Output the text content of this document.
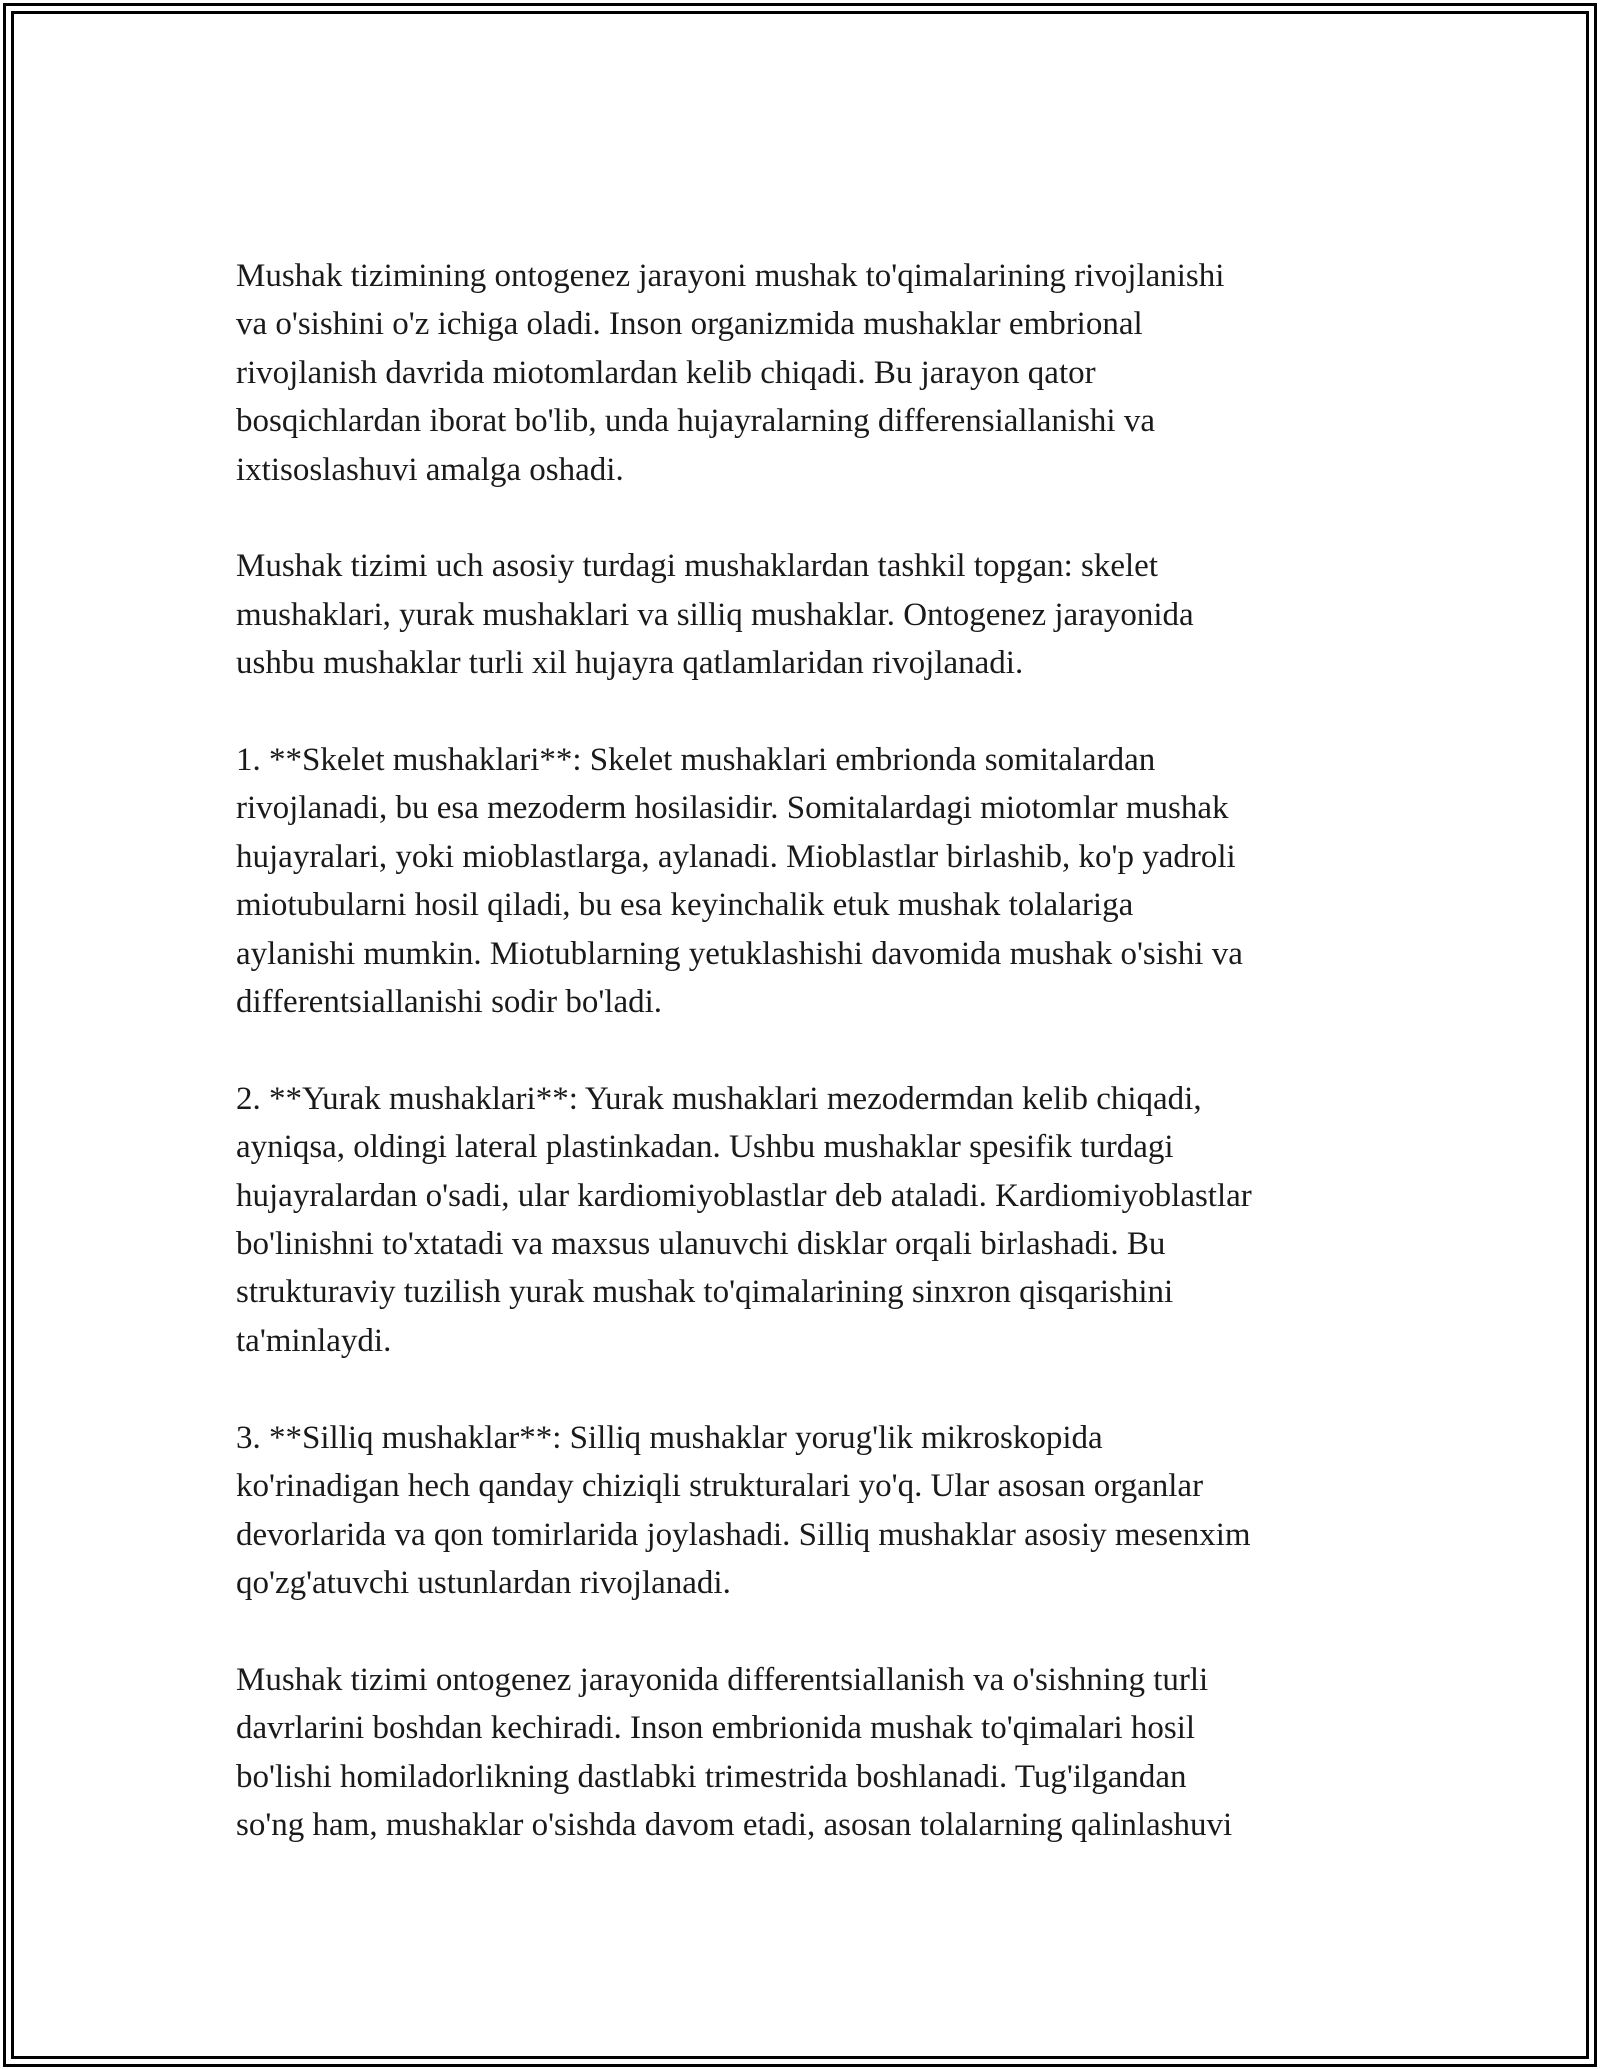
Mushak tizimining ontogenez jarayoni mushak to'qimalarining rivojlanishi
va o'sishini o'z ichiga oladi. Inson organizmida mushaklar embrional
rivojlanish davrida miotomlardan kelib chiqadi. Bu jarayon qator
bosqichlardan iborat bo'lib, unda hujayralarning differensiallanishi va
ixtisoslashuvi amalga oshadi.

Mushak tizimi uch asosiy turdagi mushaklardan tashkil topgan: skelet
mushaklari, yurak mushaklari va silliq mushaklar. Ontogenez jarayonida
ushbu mushaklar turli xil hujayra qatlamlaridan rivojlanadi.

1. **Skelet mushaklari**: Skelet mushaklari embrionda somitalardan
rivojlanadi, bu esa mezoderm hosilasidir. Somitalardagi miotomlar mushak
hujayralari, yoki mioblastlarga, aylanadi. Mioblastlar birlashib, ko'p yadroli
miotubularni hosil qiladi, bu esa keyinchalik etuk mushak tolalariga
aylanishi mumkin. Miotublarning yetuklashishi davomida mushak o'sishi va
differentsiallanishi sodir bo'ladi.

2. **Yurak mushaklari**: Yurak mushaklari mezodermdan kelib chiqadi,
ayniqsa, oldingi lateral plastinkadan. Ushbu mushaklar spesifik turdagi
hujayralardan o'sadi, ular kardiomiyoblastlar deb ataladi. Kardiomiyoblastlar
bo'linishni to'xtatadi va maxsus ulanuvchi disklar orqali birlashadi. Bu
strukturaviy tuzilish yurak mushak to'qimalarining sinxron qisqarishini
ta'minlaydi.

3. **Silliq mushaklar**: Silliq mushaklar yorug'lik mikroskopida
ko'rinadigan hech qanday chiziqli strukturalari yo'q. Ular asosan organlar
devorlarida va qon tomirlarida joylashadi. Silliq mushaklar asosiy mesenxim
qo'zg'atuvchi ustunlardan rivojlanadi.

Mushak tizimi ontogenez jarayonida differentsiallanish va o'sishning turli
davrlarini boshdan kechiradi. Inson embrionida mushak to'qimalari hosil
bo'lishi homiladorlikning dastlabki trimestrida boshlanadi. Tug'ilgandan
so'ng ham, mushaklar o'sishda davom etadi, asosan tolalarning qalinlashuvi
